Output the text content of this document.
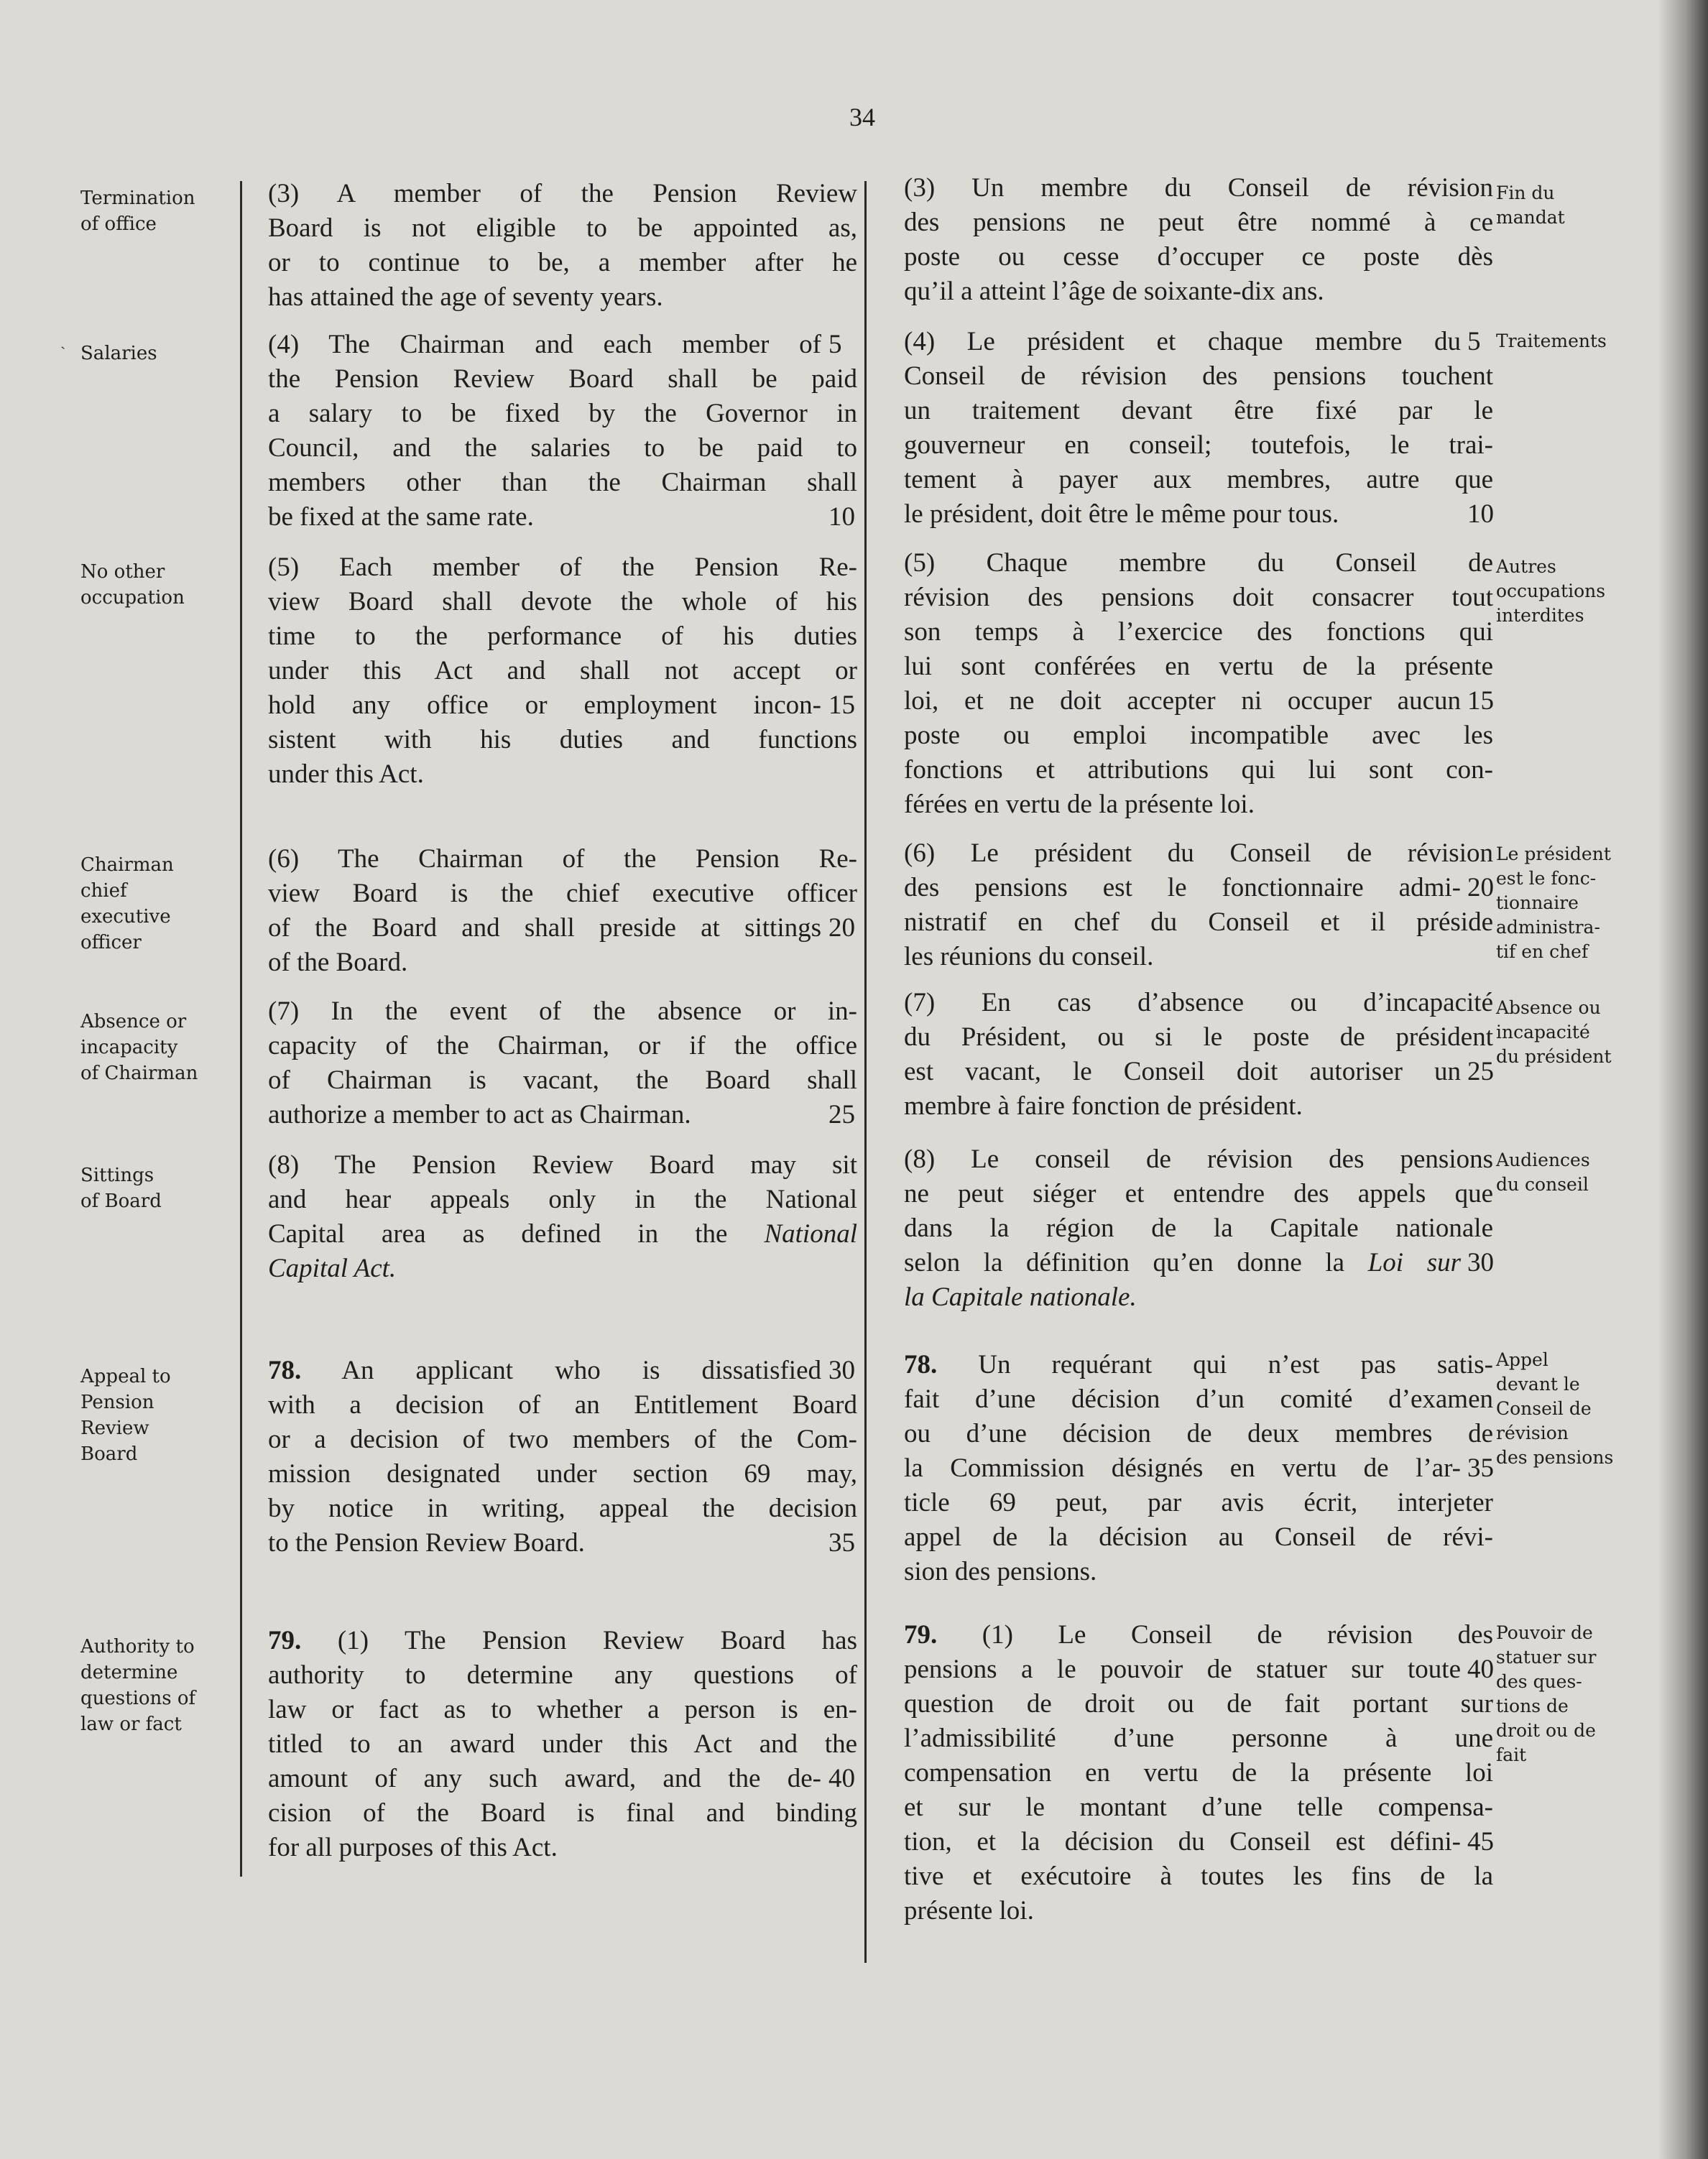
34
ˋ
Termination
of office
Salaries
No other
occupation
Chairman
chief
executive
officer
Absence or
incapacity
of Chairman
Sittings
of Board
Appeal to
Pension
Review
Board
Authority to
determine
questions of
law or fact
Fin du
mandat
Traitements
Autres
occupations
interdites
Le président
est le fonc-
tionnaire
administra-
tif en chef
Absence ou
incapacité
du président
Audiences
du conseil
Appel
devant le
Conseil de
révision
des pensions
Pouvoir de
statuer sur
des ques-
tions de
droit ou de
fait
(3) A member of the Pension Review
Board is not eligible to be appointed as,
or to continue to be, a member after he
has attained the age of seventy years.
(4) The Chairman and each member of 5
the Pension Review Board shall be paid
a salary to be fixed by the Governor in
Council, and the salaries to be paid to
members other than the Chairman shall
be fixed at the same rate.	10
(5) Each member of the Pension Re-
view Board shall devote the whole of his
time to the performance of his duties
under this Act and shall not accept or
hold any office or employment incon- 15
sistent with his duties and functions
under this Act.
(6) The Chairman of the Pension Re-
view Board is the chief executive officer
of the Board and shall preside at sittings 20
of the Board.
(7) In the event of the absence or in-
capacity of the Chairman, or if the office
of Chairman is vacant, the Board shall
authorize a member to act as Chairman.	25
(8) The Pension Review Board may sit
and hear appeals only in the National
Capital area as defined in the National
Capital Act.
78. An applicant who is dissatisfied 30
with a decision of an Entitlement Board
or a decision of two members of the Com-
mission designated under section 69 may,
by notice in writing, appeal the decision
to the Pension Review Board.	35
79. (1) The Pension Review Board has
authority to determine any questions of
law or fact as to whether a person is en-
titled to an award under this Act and the
amount of any such award, and the de- 40
cision of the Board is final and binding
for all purposes of this Act.
(3) Un membre du Conseil de révision
des pensions ne peut être nommé à ce
poste ou cesse d’occuper ce poste dès
qu’il a atteint l’âge de soixante-dix ans.
(4) Le président et chaque membre du 5
Conseil de révision des pensions touchent
un traitement devant être fixé par le
gouverneur en conseil; toutefois, le trai-
tement à payer aux membres, autre que
le président, doit être le même pour tous.	10
(5) Chaque membre du Conseil de
révision des pensions doit consacrer tout
son temps à l’exercice des fonctions qui
lui sont conférées en vertu de la présente
loi, et ne doit accepter ni occuper aucun 15
poste ou emploi incompatible avec les
fonctions et attributions qui lui sont con-
férées en vertu de la présente loi.
(6) Le président du Conseil de révision
des pensions est le fonctionnaire admi- 20
nistratif en chef du Conseil et il préside
les réunions du conseil.
(7) En cas d’absence ou d’incapacité
du Président, ou si le poste de président
est vacant, le Conseil doit autoriser un 25
membre à faire fonction de président.
(8) Le conseil de révision des pensions
ne peut siéger et entendre des appels que
dans la région de la Capitale nationale
selon la définition qu’en donne la Loi sur 30
la Capitale nationale.
78. Un requérant qui n’est pas satis-
fait d’une décision d’un comité d’examen
ou d’une décision de deux membres de
la Commission désignés en vertu de l’ar- 35
ticle 69 peut, par avis écrit, interjeter
appel de la décision au Conseil de révi-
sion des pensions.
79. (1) Le Conseil de révision des
pensions a le pouvoir de statuer sur toute 40
question de droit ou de fait portant sur
l’admissibilité d’une personne à une
compensation en vertu de la présente loi
et sur le montant d’une telle compensa-
tion, et la décision du Conseil est défini- 45
tive et exécutoire à toutes les fins de la
présente loi.
